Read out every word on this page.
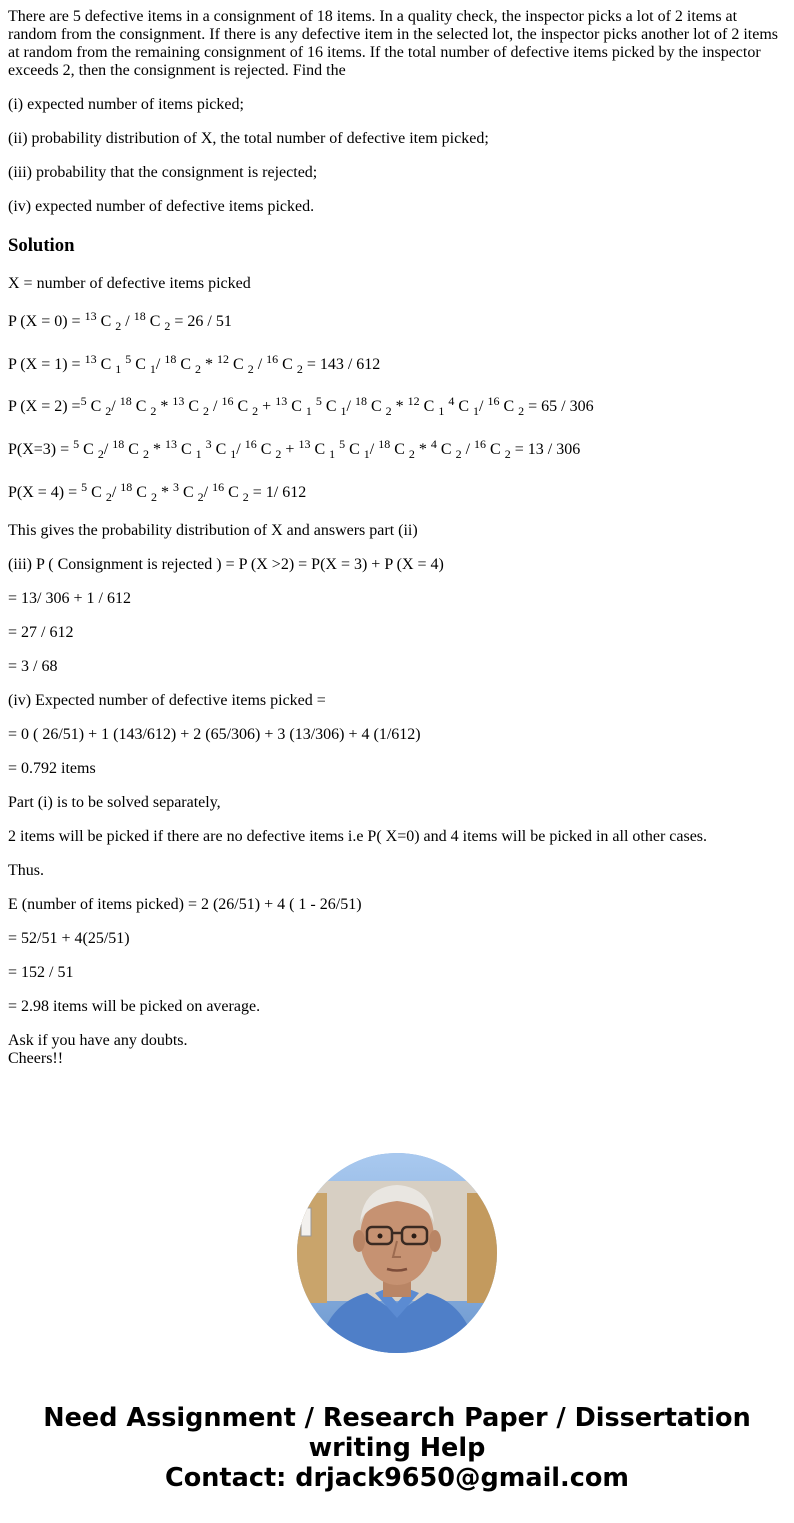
There are 5 defective items in a consignment of 18 items. In a quality check, the inspector picks a lot of 2 items at random from the consignment. If there is any defective item in the selected lot, the inspector picks another lot of 2 items at random from the remaining consignment of 16 items. If the total number of defective items picked by the inspector exceeds 2, then the consignment is rejected. Find the

(i) expected number of items picked;

(ii) probability distribution of X, the total number of defective item picked;

(iii) probability that the consignment is rejected;

(iv) expected number of defective items picked.

Solution

X = number of defective items picked

P (X = 0) = $^{13}$ C $_2$ / $^{18}$ C $_2$ = 26 / 51

P (X = 1) = $^{13}$ C $_1$ $^5$ C $_1$/ $^{18}$ C $_2$ * $^{12}$ C $_2$ / $^{16}$ C $_2$ = 143 / 612

P (X = 2) =$^5$ C $_2$/ $^{18}$ C $_2$ * $^{13}$ C $_2$ / $^{16}$ C $_2$ + $^{13}$ C $_1$ $^5$ C $_1$/ $^{18}$ C $_2$ * $^{12}$ C $_1$ $^4$ C $_1$/ $^{16}$ C $_2$ = 65 / 306

P(X=3) = $^5$ C $_2$/ $^{18}$ C $_2$ * $^{13}$ C $_1$ $^3$ C $_1$/ $^{16}$ C $_2$ + $^{13}$ C $_1$ $^5$ C $_1$/ $^{18}$ C $_2$ * $^4$ C $_2$ / $^{16}$ C $_2$ = 13 / 306

P(X = 4) = $^5$ C $_2$/ $^{18}$ C $_2$ * $^3$ C $_2$/ $^{16}$ C $_2$ = 1/ 612

This gives the probability distribution of X and answers part (ii)

(iii) P ( Consignment is rejected ) = P (X >2) = P(X = 3) + P (X = 4)

= 13/ 306 + 1 / 612

= 27 / 612

= 3 / 68

(iv) Expected number of defective items picked =

= 0 ( 26/51) + 1 (143/612) + 2 (65/306) + 3 (13/306) + 4 (1/612)

= 0.792 items

Part (i) is to be solved separately,

2 items will be picked if there are no defective items i.e P( X=0) and 4 items will be picked in all other cases.

Thus.

E (number of items picked) = 2 (26/51) + 4 ( 1 - 26/51)

= 52/51 + 4(25/51)

= 152 / 51

= 2.98 items will be picked on average.

Ask if you have any doubts.

Cheers!!

Need Assignment / Research Paper / Dissertation
writing Help
Contact: drjack9650@gmail.com
